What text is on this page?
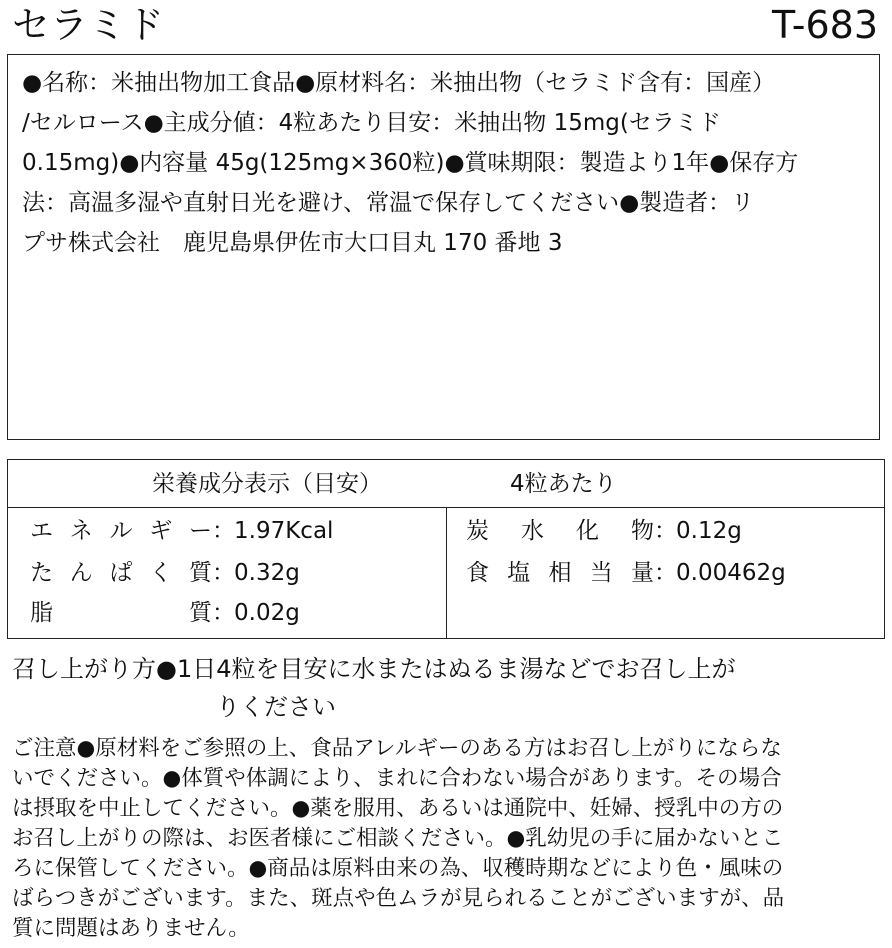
セラミド	T-683
●名称：米抽出物加工食品●原材料名：米抽出物（セラミド含有：国産）
/セルロース●主成分値：4粒あたり目安：米抽出物 15mg(セラミド
0.15mg)●内容量 45g(125mg×360粒)●賞味期限：製造より1年●保存方
法：高温多湿や直射日光を避け、常温で保存してください●製造者：リ
プサ株式会社　鹿児島県伊佐市大口目丸 170 番地 3
栄養成分表示（目安）	4粒あたり
エネルギー ： 1.97Kcal
たんぱく質 ： 0.32g
脂質 ： 0.02g
炭水化物 ： 0.12g
食塩相当量 ： 0.00462g
召し上がり方●1日4粒を目安に水またはぬるま湯などでお召し上が
りください
ご注意●原材料をご参照の上、食品アレルギーのある方はお召し上がりにならな
いでください。●体質や体調により、まれに合わない場合があります。その場合
は摂取を中止してください。●薬を服用、あるいは通院中、妊婦、授乳中の方の
お召し上がりの際は、お医者様にご相談ください。●乳幼児の手に届かないとこ
ろに保管してください。●商品は原料由来の為、収穫時期などにより色・風味の
ばらつきがございます。また、斑点や色ムラが見られることがございますが、品
質に問題はありません。
